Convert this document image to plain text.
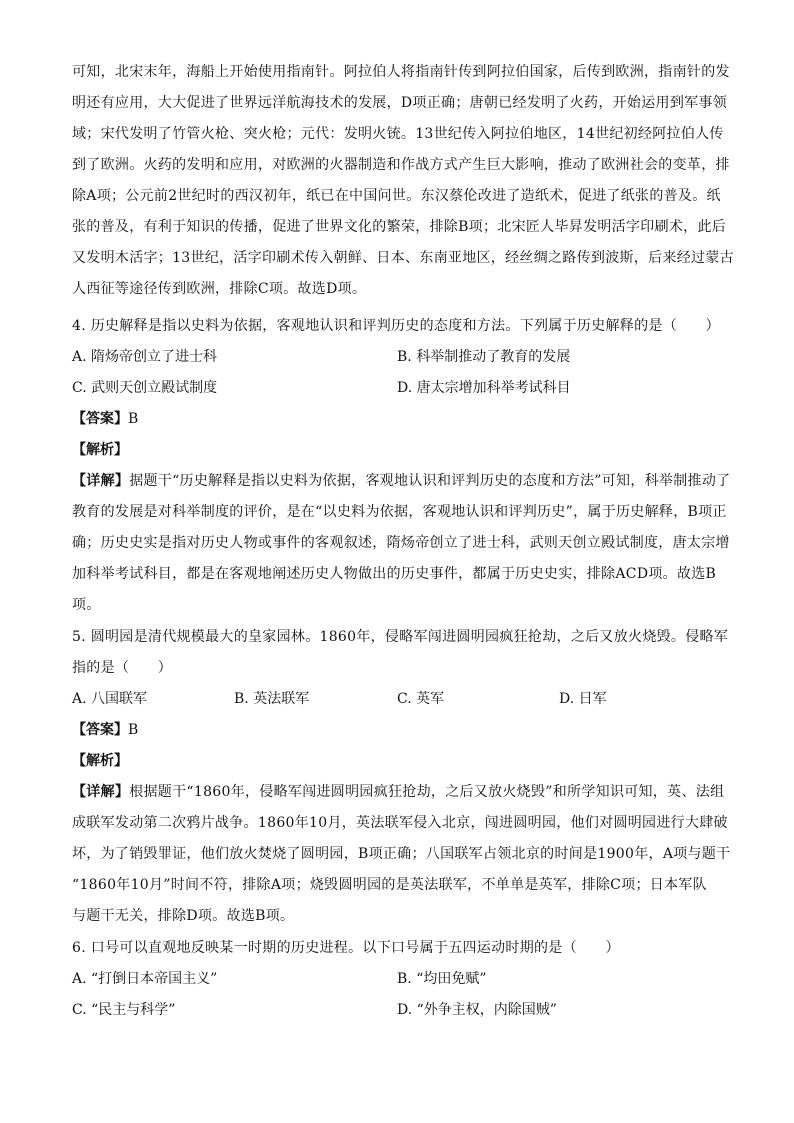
可知，北宋末年，海船上开始使用指南针。阿拉伯人将指南针传到阿拉伯国家，后传到欧洲，指南针的发
明还有应用，大大促进了世界远洋航海技术的发展，D项正确；唐朝已经发明了火药，开始运用到军事领
域；宋代发明了竹管火枪、突火枪；元代：发明火铳。13世纪传入阿拉伯地区，14世纪初经阿拉伯人传
到了欧洲。火药的发明和应用，对欧洲的火器制造和作战方式产生巨大影响，推动了欧洲社会的变革，排
除A项；公元前2世纪时的西汉初年，纸已在中国问世。东汉蔡伦改进了造纸术，促进了纸张的普及。纸
张的普及，有利于知识的传播，促进了世界文化的繁荣，排除B项；北宋匠人毕昇发明活字印刷术，此后
又发明木活字；13世纪，活字印刷术传入朝鲜、日本、东南亚地区，经丝绸之路传到波斯，后来经过蒙古
人西征等途径传到欧洲，排除C项。故选D项。
4. 历史解释是指以史料为依据，客观地认识和评判历史的态度和方法。下列属于历史解释的是（　　）
A. 隋炀帝创立了进士科	B. 科举制推动了教育的发展
C. 武则天创立殿试制度	D. 唐太宗增加科举考试科目
【答案】B
【解析】
【详解】据题干“历史解释是指以史料为依据，客观地认识和评判历史的态度和方法”可知，科举制推动了
教育的发展是对科举制度的评价，是在“以史料为依据，客观地认识和评判历史”，属于历史解释，B项正
确；历史史实是指对历史人物或事件的客观叙述，隋炀帝创立了进士科，武则天创立殿试制度，唐太宗增
加科举考试科目，都是在客观地阐述历史人物做出的历史事件，都属于历史史实，排除ACD项。故选B
项。
5. 圆明园是清代规模最大的皇家园林。1860年，侵略军闯进圆明园疯狂抢劫，之后又放火烧毁。侵略军
指的是（　　）
A. 八国联军	B. 英法联军	C. 英军	D. 日军
【答案】B
【解析】
【详解】根据题干“1860年，侵略军闯进圆明园疯狂抢劫，之后又放火烧毁”和所学知识可知，英、法组
成联军发动第二次鸦片战争。1860年10月，英法联军侵入北京，闯进圆明园，他们对圆明园进行大肆破
坏，为了销毁罪证，他们放火焚烧了圆明园，B项正确；八国联军占领北京的时间是1900年，A项与题干
“1860年10月”时间不符，排除A项；烧毁圆明园的是英法联军，不单单是英军，排除C项；日本军队
与题干无关，排除D项。故选B项。
6. 口号可以直观地反映某一时期的历史进程。以下口号属于五四运动时期的是（　　）
A. “打倒日本帝国主义”	B. “均田免赋”
C. “民主与科学”	D. “外争主权，内除国贼”
